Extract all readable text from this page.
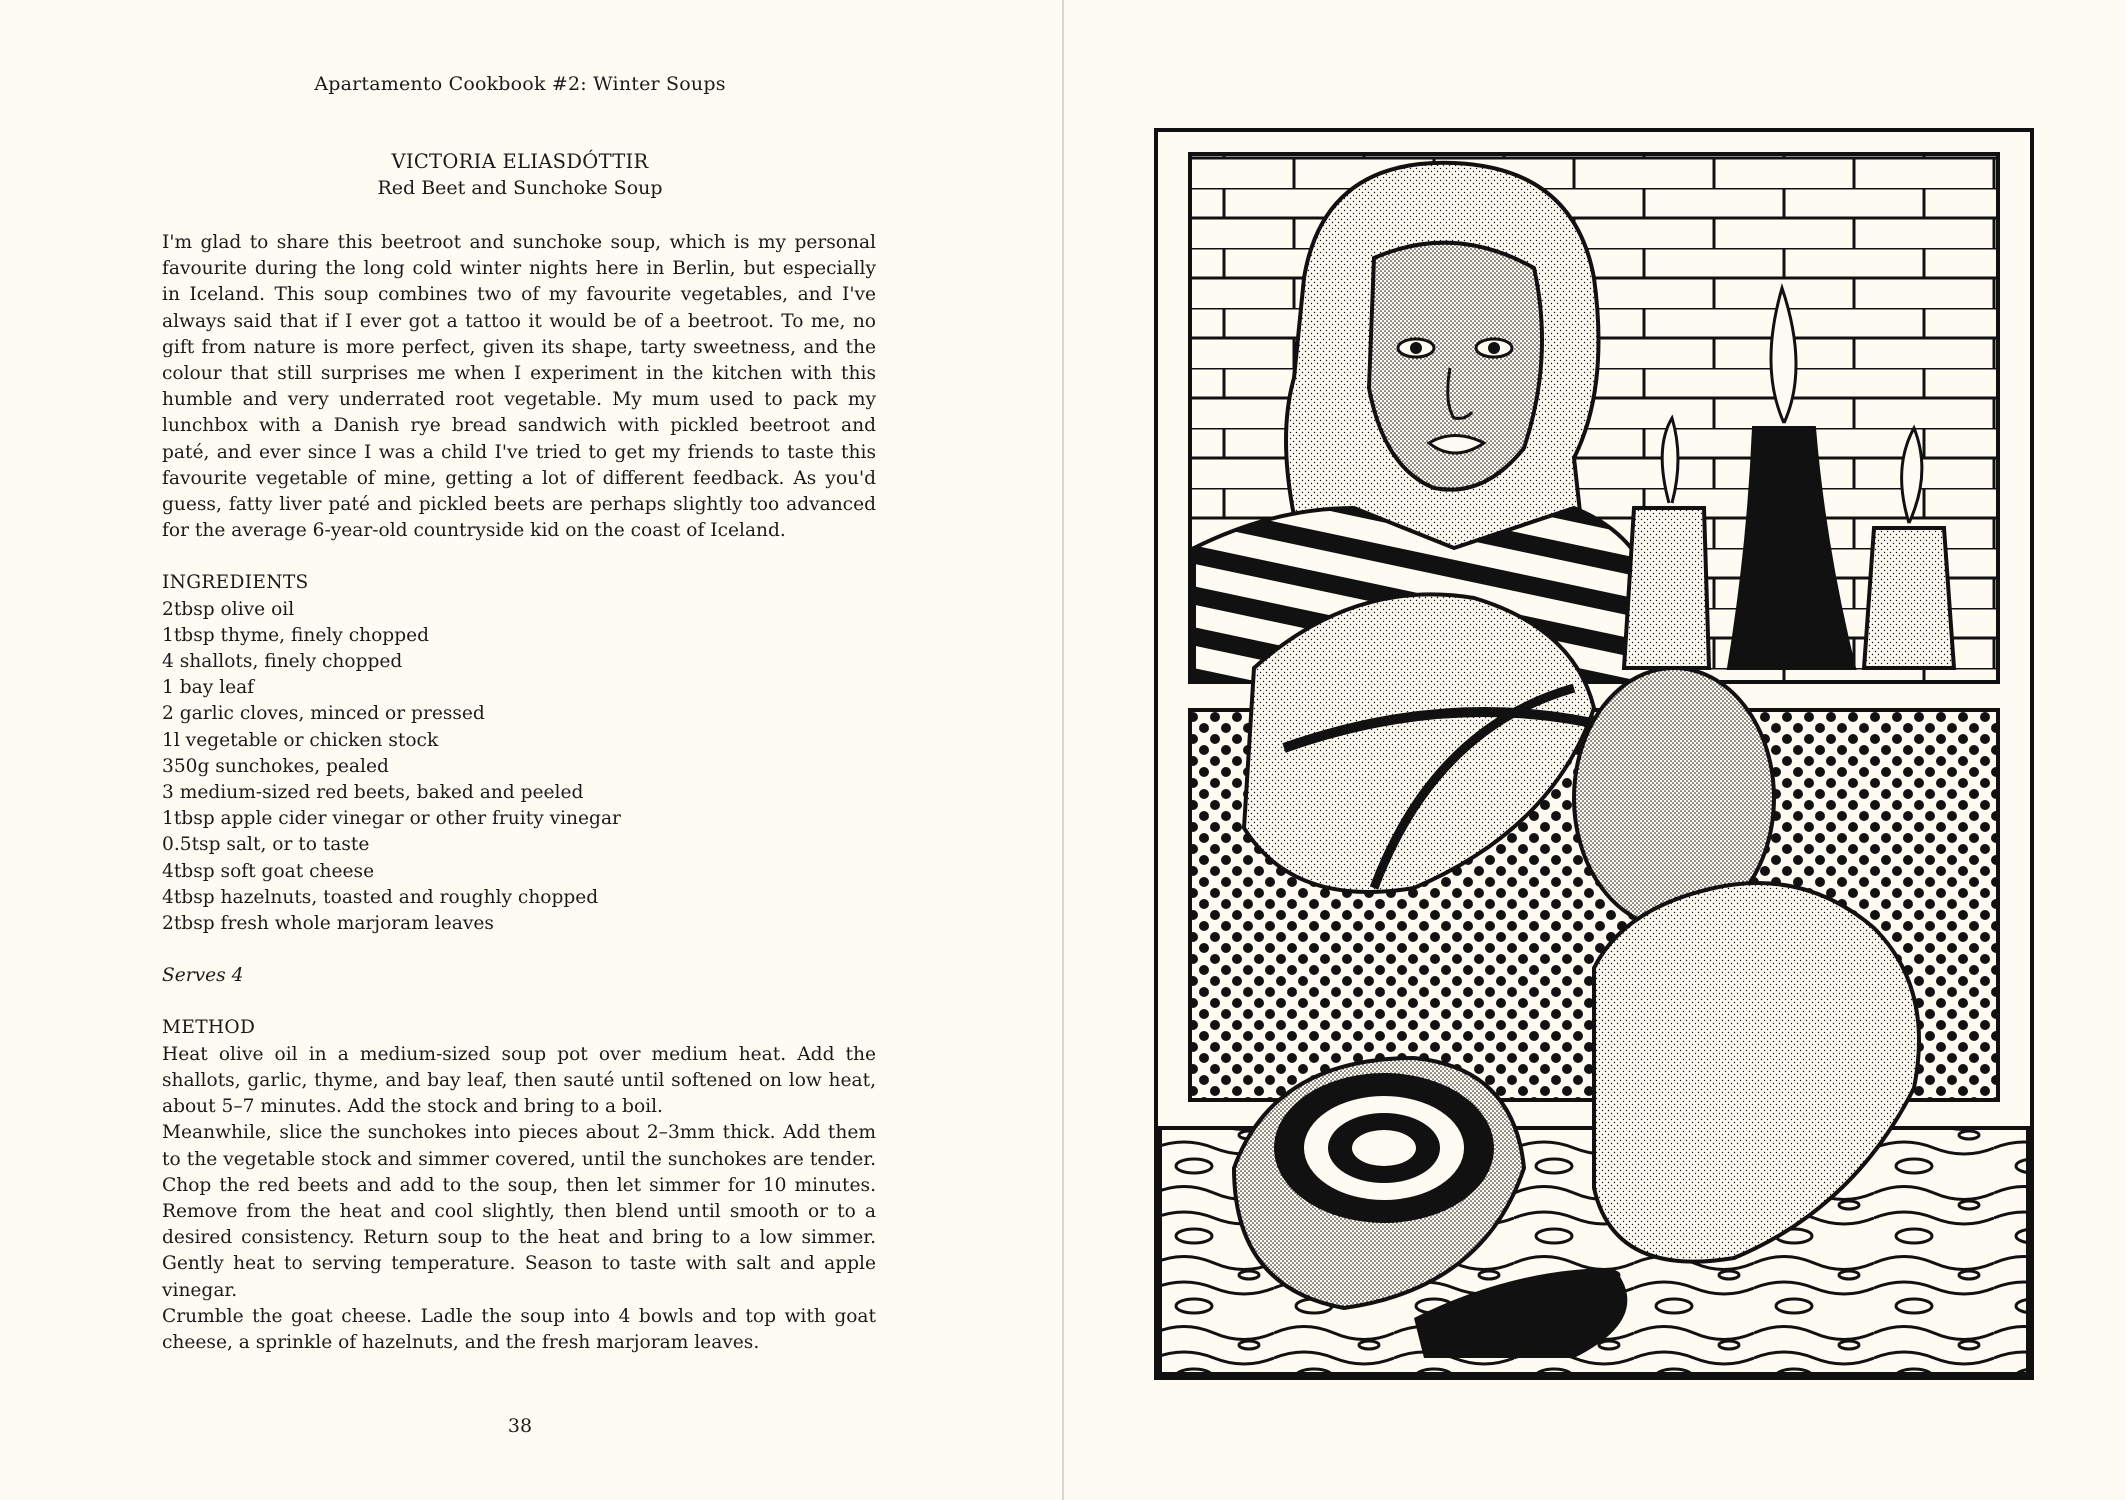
Apartamento Cookbook #2: Winter Soups
VICTORIA ELIASDÓTTIR
Red Beet and Sunchoke Soup

I'm glad to share this beetroot and sunchoke soup, which is my personal favourite during the long cold winter nights here in Berlin, but especially in Iceland. This soup combines two of my favourite vegetables, and I've always said that if I ever got a tattoo it would be of a beetroot. To me, no gift from nature is more perfect, given its shape, tarty sweetness, and the colour that still surprises me when I experiment in the kitchen with this humble and very underrated root vegetable. My mum used to pack my lunchbox with a Danish rye bread sandwich with pickled beetroot and paté, and ever since I was a child I've tried to get my friends to taste this favourite vegetable of mine, getting a lot of different feedback. As you'd guess, fatty liver paté and pickled beets are perhaps slightly too advanced for the average 6-year-old countryside kid on the coast of Iceland.

INGREDIENTS
2tbsp olive oil
1tbsp thyme, finely chopped
4 shallots, finely chopped
1 bay leaf
2 garlic cloves, minced or pressed
1l vegetable or chicken stock
350g sunchokes, pealed
3 medium-sized red beets, baked and peeled
1tbsp apple cider vinegar or other fruity vinegar
0.5tsp salt, or to taste
4tbsp soft goat cheese
4tbsp hazelnuts, toasted and roughly chopped
2tbsp fresh whole marjoram leaves
Serves 4
METHOD

Heat olive oil in a medium-sized soup pot over medium heat. Add the shallots, garlic, thyme, and bay leaf, then sauté until softened on low heat, about 5–7 minutes. Add the stock and bring to a boil.

Meanwhile, slice the sunchokes into pieces about 2–3mm thick. Add them to the vegetable stock and simmer covered, until the sunchokes are tender. Chop the red beets and add to the soup, then let simmer for 10 minutes. Remove from the heat and cool slightly, then blend until smooth or to a desired consistency. Return soup to the heat and bring to a low simmer. Gently heat to serving temperature. Season to taste with salt and apple vinegar.

Crumble the goat cheese. Ladle the soup into 4 bowls and top with goat cheese, a sprinkle of hazelnuts, and the fresh marjoram leaves.

38
